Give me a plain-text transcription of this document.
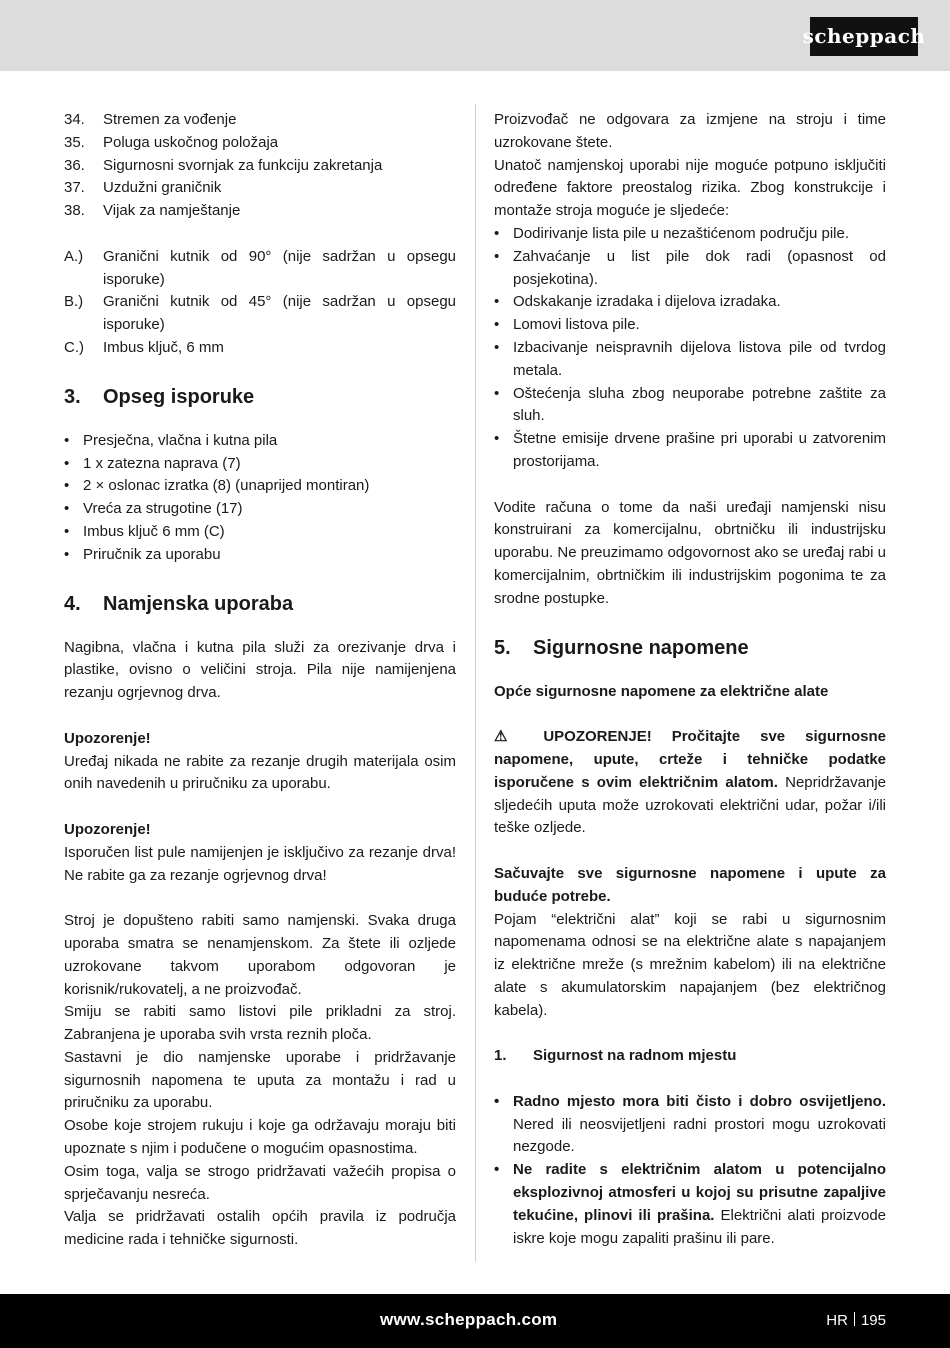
scheppach
34.	Stremen za vođenje
35.	Poluga uskočnog položaja
36.	Sigurnosni svornjak za funkciju zakretanja
37.	Uzdužni graničnik
38.	Vijak za namještanje
A.)	Granični kutnik od 90° (nije sadržan u opsegu isporuke)
B.)	Granični kutnik od 45° (nije sadržan u opsegu isporuke)
C.)	Imbus ključ, 6 mm
3.	Opseg isporuke
• Presječna, vlačna i kutna pila
• 1 x zatezna naprava (7)
• 2 × oslonac izratka (8) (unaprijed montiran)
• Vreća za strugotine (17)
• Imbus ključ 6 mm (C)
• Priručnik za uporabu
4.	Namjenska uporaba

Nagibna, vlačna i kutna pila služi za orezivanje drva i plastike, ovisno o veličini stroja. Pila nije namijenjena rezanju ogrjevnog drva.

Upozorenje!

Uređaj nikada ne rabite za rezanje drugih materijala osim onih navedenih u priručniku za uporabu.

Upozorenje!

Isporučen list pule namijenjen je isključivo za rezanje drva! Ne rabite ga za rezanje ogrjevnog drva!

Stroj je dopušteno rabiti samo namjenski. Svaka druga uporaba smatra se nenamjenskom. Za štete ili ozljede uzrokovane takvom uporabom odgovoran je korisnik/rukovatelj, a ne proizvođač.

Smiju se rabiti samo listovi pile prikladni za stroj. Zabranjena je uporaba svih vrsta reznih ploča.

Sastavni je dio namjenske uporabe i pridržavanje sigurnosnih napomena te uputa za montažu i rad u priručniku za uporabu.

Osobe koje strojem rukuju i koje ga održavaju moraju biti upoznate s njim i podučene o mogućim opasnostima.

Osim toga, valja se strogo pridržavati važećih propisa o sprječavanju nesreća.

Valja se pridržavati ostalih općih pravila iz područja medicine rada i tehničke sigurnosti.

Proizvođač ne odgovara za izmjene na stroju i time uzrokovane štete.

Unatoč namjenskoj uporabi nije moguće potpuno isključiti određene faktore preostalog rizika. Zbog konstrukcije i montaže stroja moguće je sljedeće:

• Dodirivanje lista pile u nezaštićenom području pile.
• Zahvaćanje u list pile dok radi (opasnost od posjekotina).
• Odskakanje izradaka i dijelova izradaka.
• Lomovi listova pile.
• Izbacivanje neispravnih dijelova listova pile od tvrdog metala.
• Oštećenja sluha zbog neuporabe potrebne zaštite za sluh.
• Štetne emisije drvene prašine pri uporabi u zatvorenim prostorijama.

Vodite računa o tome da naši uređaji namjenski nisu konstruirani za komercijalnu, obrtničku ili industrijsku uporabu. Ne preuzimamo odgovornost ako se uređaj rabi u komercijalnim, obrtničkim ili industrijskim pogonima te za srodne postupke.

5.	Sigurnosne napomene

Opće sigurnosne napomene za električne alate

⚠ UPOZORENJE! Pročitajte sve sigurnosne napomene, upute, crteže i tehničke podatke isporučene s ovim električnim alatom. Nepridržavanje sljedećih uputa može uzrokovati električni udar, požar i/ili teške ozljede.

Sačuvajte sve sigurnosne napomene i upute za buduće potrebe.

Pojam “električni alat” koji se rabi u sigurnosnim napomenama odnosi se na električne alate s napajanjem iz električne mreže (s mrežnim kabelom) ili na električne alate s akumulatorskim napajanjem (bez električnog kabela).

1.	Sigurnost na radnom mjestu
• Radno mjesto mora biti čisto i dobro osvijetljeno. Nered ili neosvijetljeni radni prostori mogu uzrokovati nezgode.
• Ne radite s električnim alatom u potencijalno eksplozivnoj atmosferi u kojoj su prisutne zapaljive tekućine, plinovi ili prašina. Električni alati proizvode iskre koje mogu zapaliti prašinu ili pare.
www.scheppach.com	HR 195
